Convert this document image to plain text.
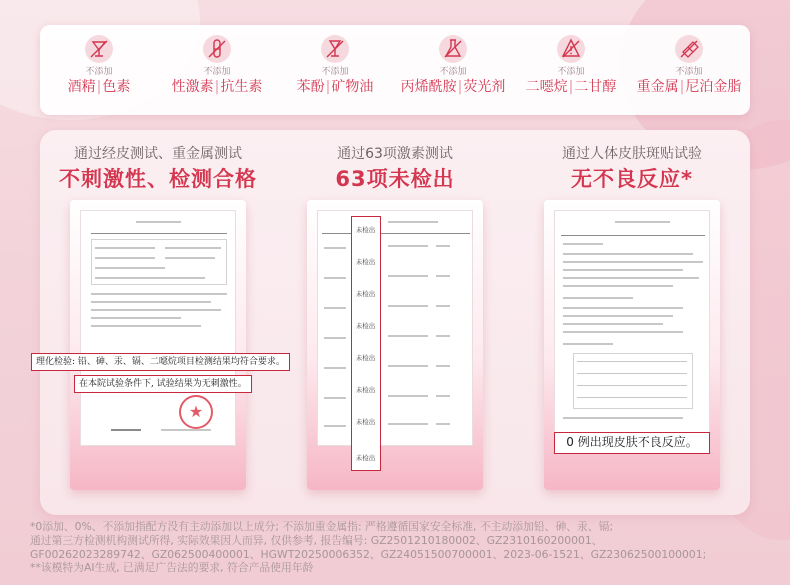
不添加
酒精|色素
不添加
性激素|抗生素
不添加
苯酚|矿物油
不添加
丙烯酰胺|荧光剂
不添加
二噁烷|二甘醇
不添加
重金属|尼泊金脂
通过经皮测试、重金属测试
不刺激性、检测合格
★
理化检验: 铅、砷、汞、镉、二噁烷项目检测结果均符合要求。
在本院试验条件下, 试验结果为无刺激性。
通过63项激素测试
63项未检出
未检出
未检出
未检出
未检出
未检出
未检出
未检出
未检出
通过人体皮肤斑贴试验
无不良反应*
0 例出现皮肤不良反应。
*0添加、0%、不添加指配方没有主动添加以上成分; 不添加重金属指: 严格遵循国家安全标准, 不主动添加铅、砷、汞、镉;
通过第三方检测机构测试所得, 实际效果因人而异, 仅供参考, 报告编号: GZ2501210180002、GZ2310160200001、
GF00262023289742、GZ062500400001、HGWT20250006352、GZ24051500700001、2023-06-1521、GZ23062500100001;
**该模特为AI生成, 已满足广告法的要求, 符合产品使用年龄
